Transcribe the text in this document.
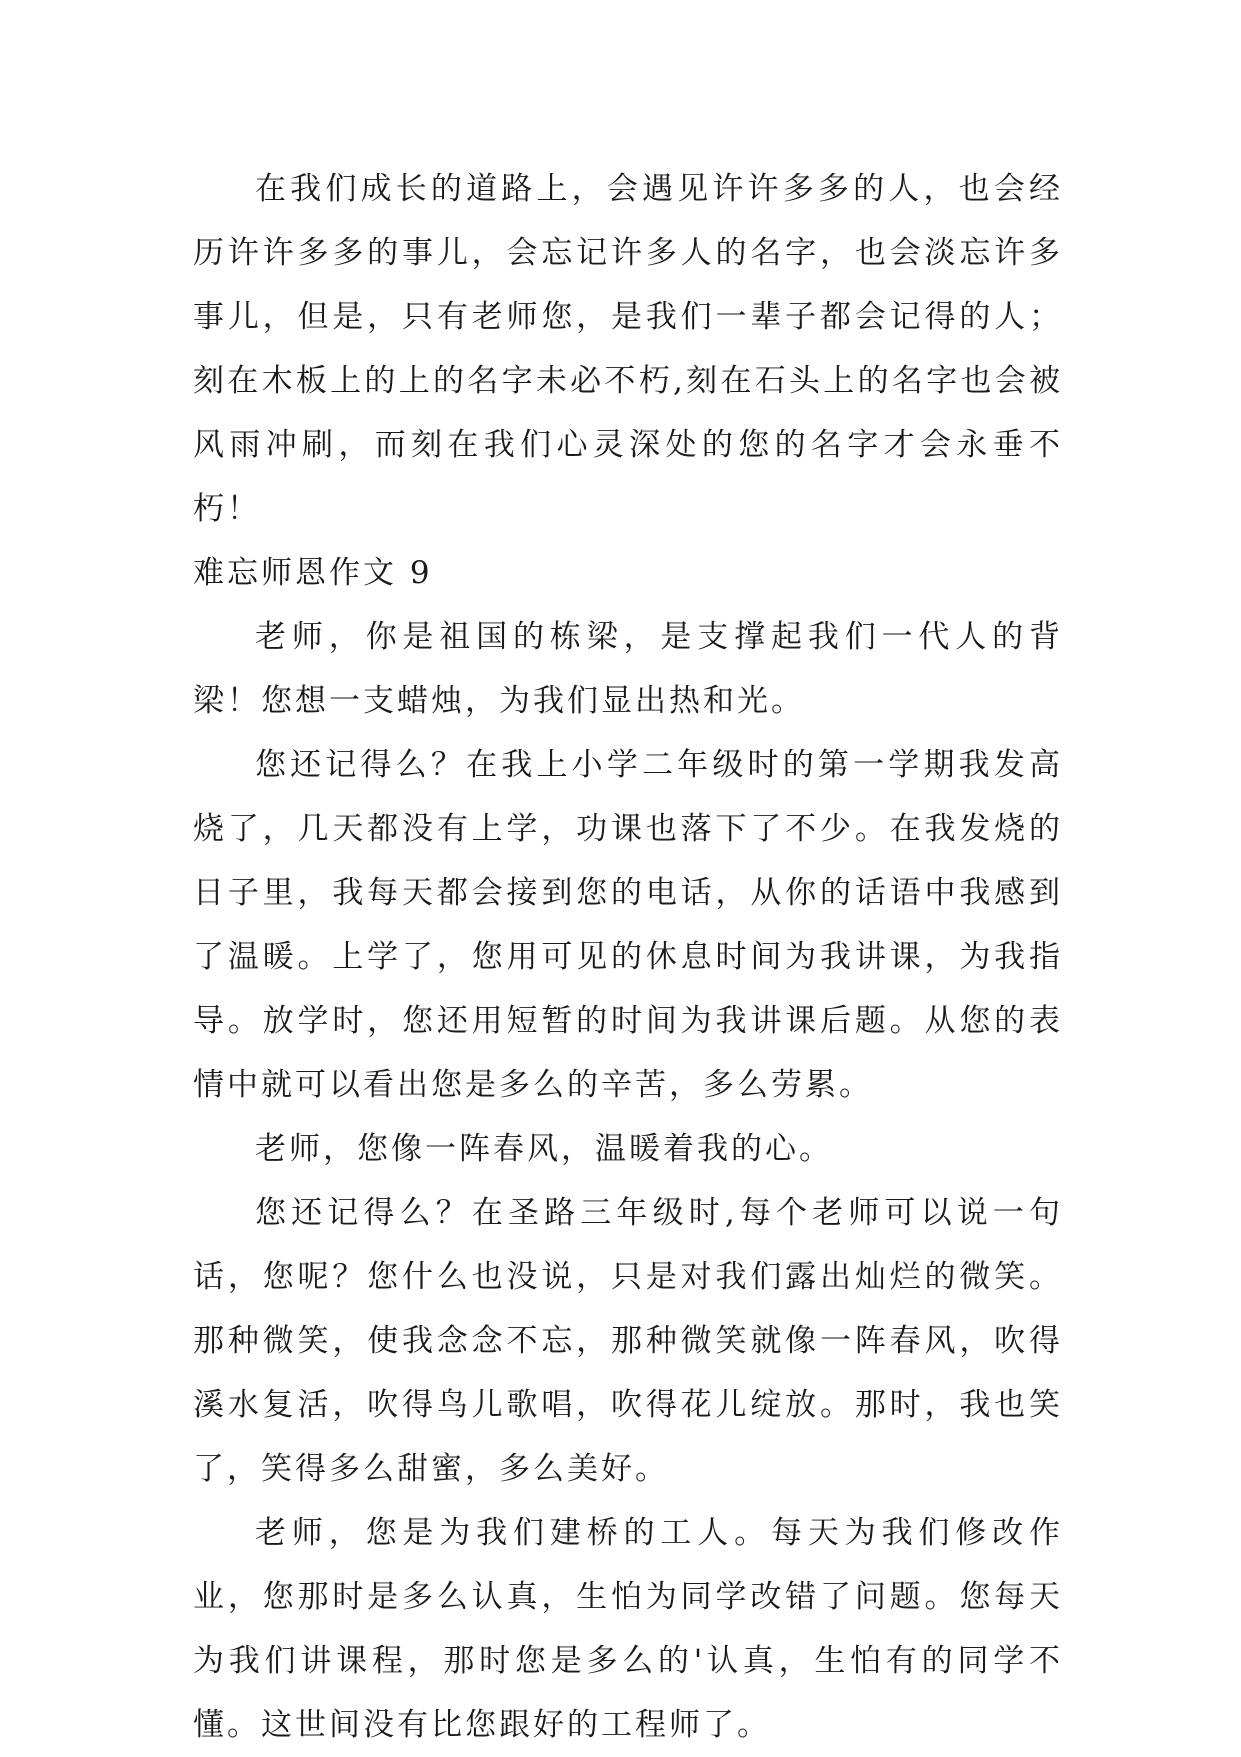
在我们成长的道路上，会遇见许许多多的人，也会经历许许多多的事儿，会忘记许多人的名字，也会淡忘许多事儿，但是，只有老师您，是我们一辈子都会记得的人；刻在木板上的上的名字未必不朽,刻在石头上的名字也会被风雨冲刷，而刻在我们心灵深处的您的名字才会永垂不朽！

难忘师恩作文 9

老师，你是祖国的栋梁，是支撑起我们一代人的背梁！您想一支蜡烛，为我们显出热和光。

您还记得么？在我上小学二年级时的第一学期我发高烧了，几天都没有上学，功课也落下了不少。在我发烧的日子里，我每天都会接到您的电话，从你的话语中我感到了温暖。上学了，您用可见的休息时间为我讲课，为我指导。放学时，您还用短暂的时间为我讲课后题。从您的表情中就可以看出您是多么的辛苦，多么劳累。

老师，您像一阵春风，温暖着我的心。

您还记得么？在圣路三年级时,每个老师可以说一句话，您呢？您什么也没说，只是对我们露出灿烂的微笑。那种微笑，使我念念不忘，那种微笑就像一阵春风，吹得溪水复活，吹得鸟儿歌唱，吹得花儿绽放。那时，我也笑了，笑得多么甜蜜，多么美好。

老师，您是为我们建桥的工人。每天为我们修改作业，您那时是多么认真，生怕为同学改错了问题。您每天为我们讲课程，那时您是多么的'认真，生怕有的同学不懂。这世间没有比您跟好的工程师了。
